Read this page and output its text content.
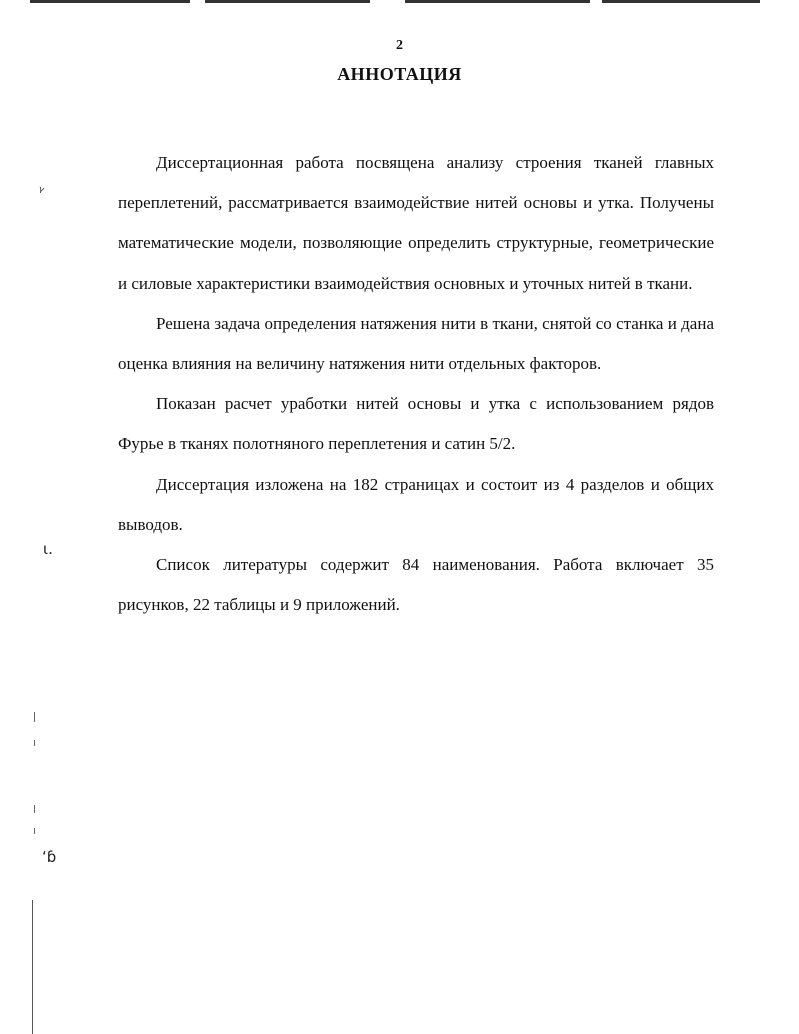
2
АННОТАЦИЯ

Диссертационная работа посвящена анализу строения тканей главных переплетений, рассматривается взаимодействие нитей основы и утка. Получены математические модели, позволяющие определить структурные, геометрические и силовые характеристики взаимодействия основных и уточных нитей в ткани.

Решена задача определения натяжения нити в ткани, снятой со станка и дана оценка влияния на величину натяжения нити отдельных факторов.

Показан расчет уработки нитей основы и утка с использованием рядов Фурье в тканях полотняного переплетения и сатин 5/2.

Диссертация изложена на 182 страницах и состоит из 4 разделов и общих выводов.

Список литературы содержит 84 наименования. Работа включает 35 рисунков, 22 таблицы и 9 приложений.

ᵞ
ɩ.
ʻɓ
